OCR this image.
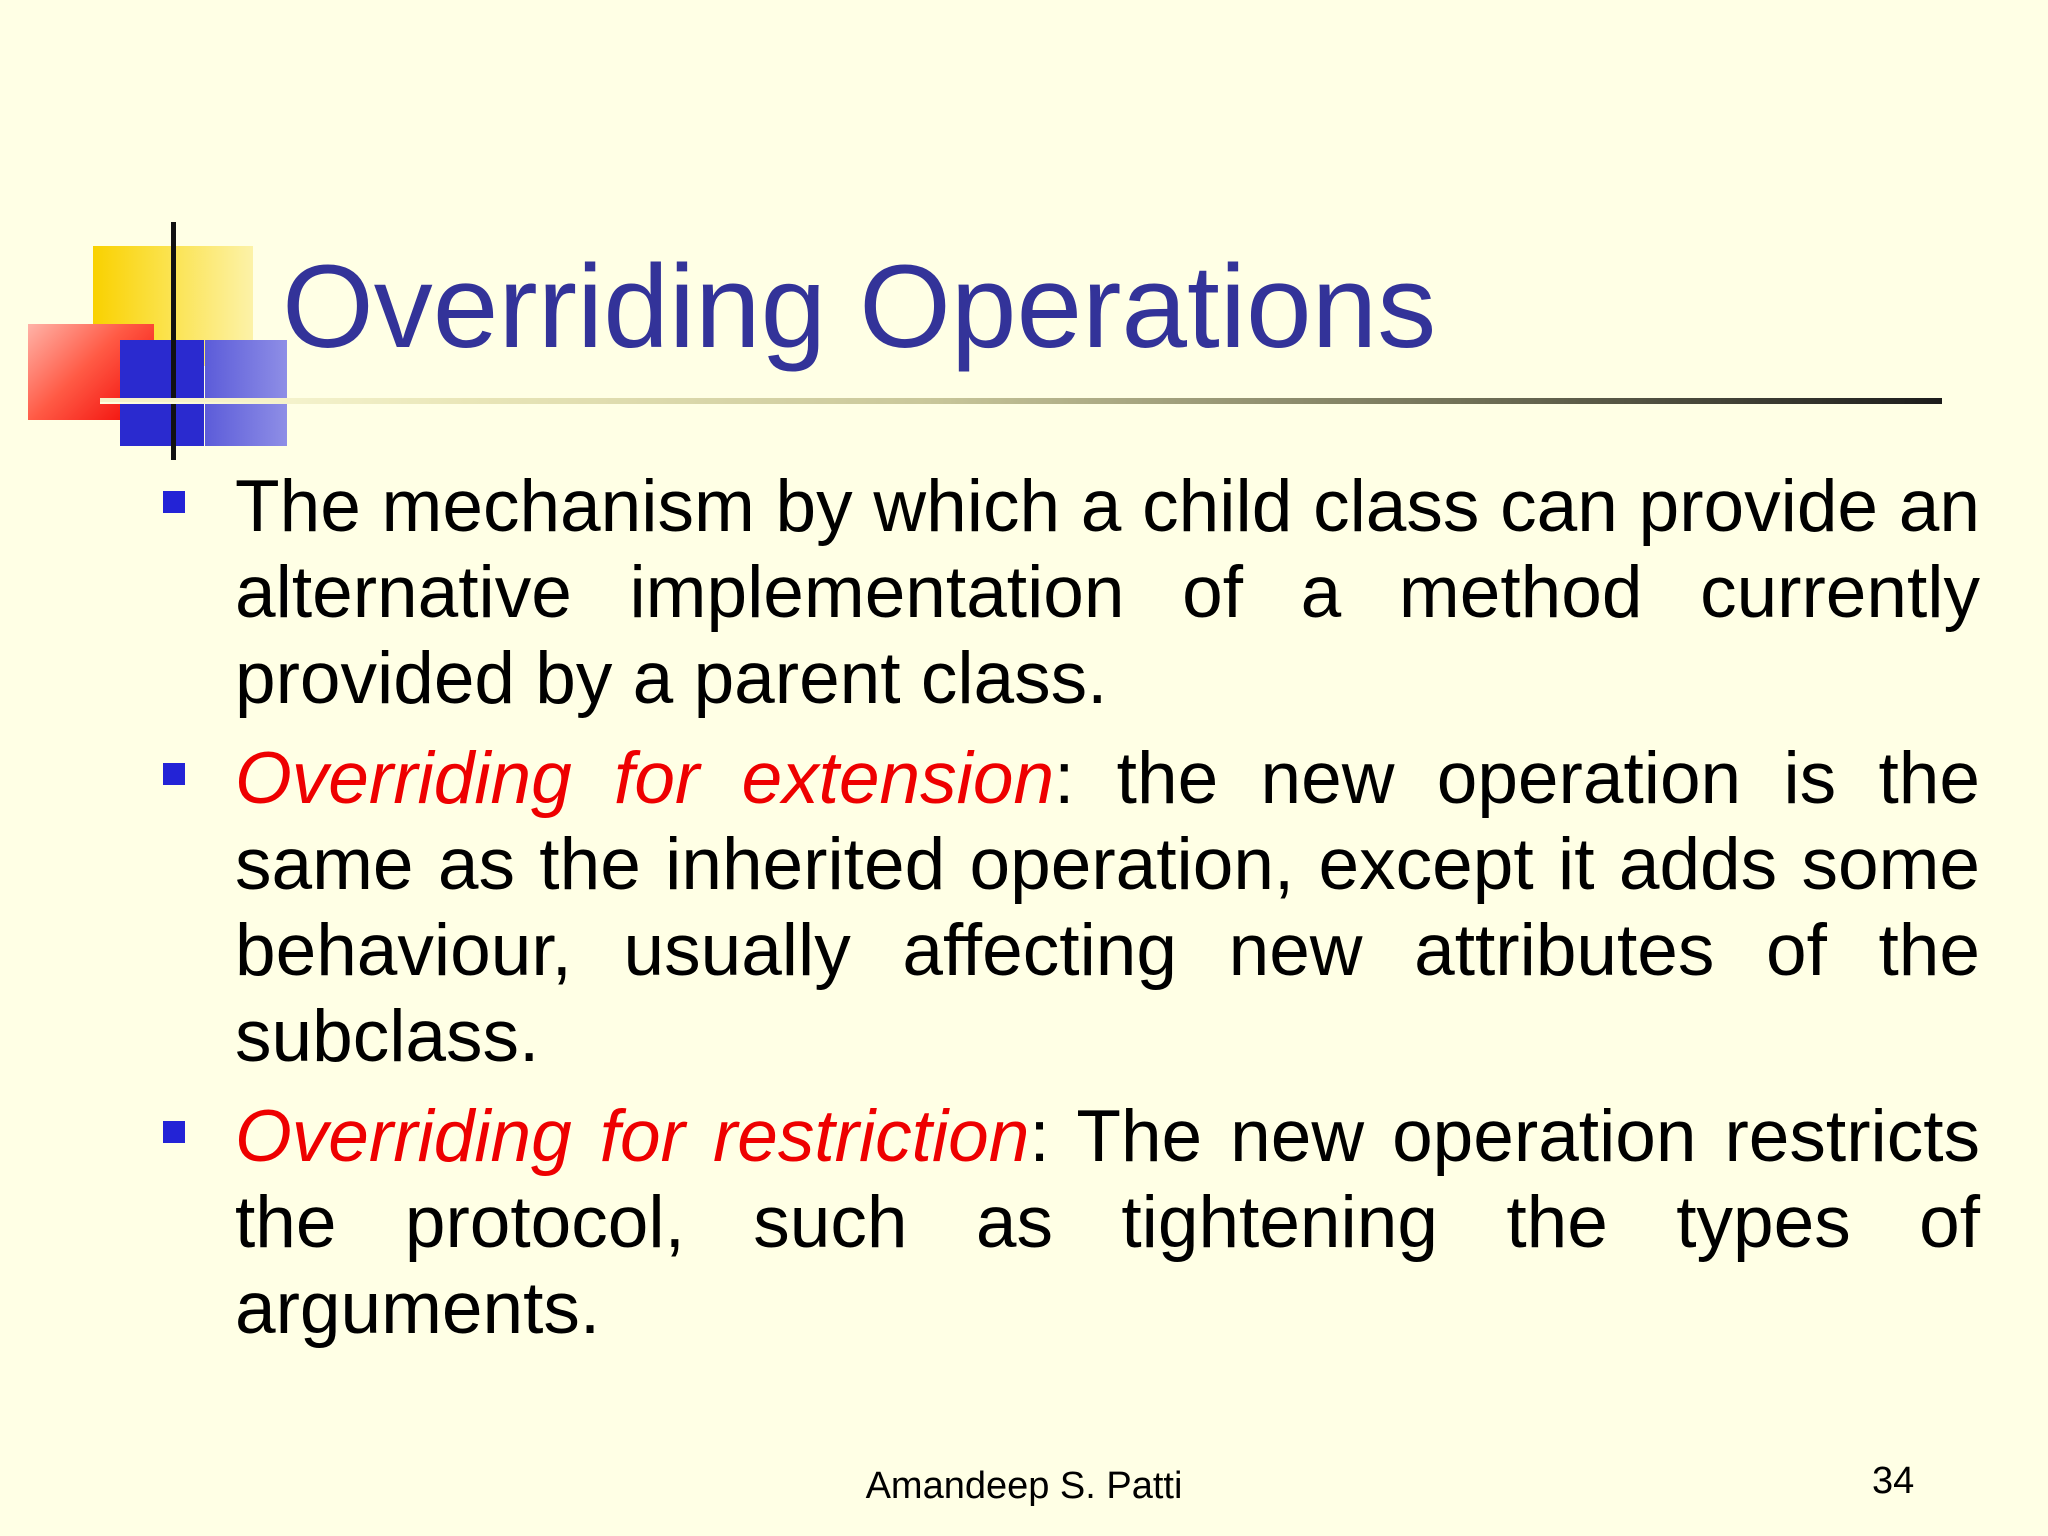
Overriding Operations
The mechanism by which a child class can provide an alternative implementation of a method currently provided by a parent class.
Overriding for extension: the new operation is the same as the inherited operation, except it adds some behaviour, usually affecting new attributes of the subclass.
Overriding for restriction: The new operation restricts the protocol, such as tightening the types of arguments.
Amandeep S. Patti	34
